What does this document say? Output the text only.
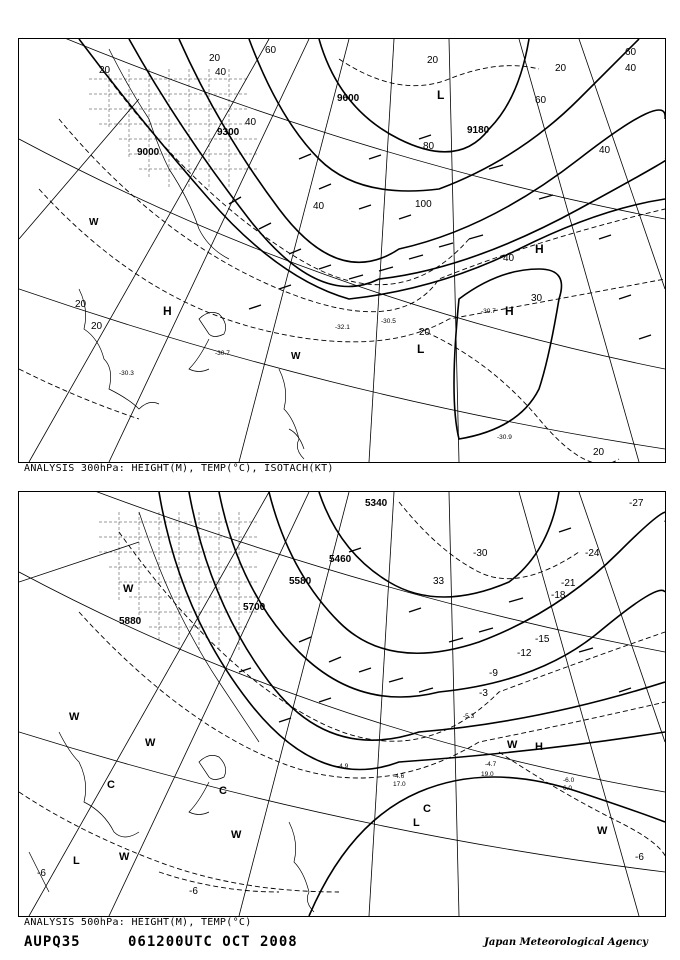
9600
9300
9000
9180
20
40
20
60
40
40
20
80
60
40
60
40
100
20
40
20
20
20
30
20
-30.7
-32.1
-30.5
-30.3
-30.7
-30.9
L
H	H
H
L
W
W
ANALYSIS 300hPa: HEIGHT(M), TEMP(°C), ISOTACH(KT)
5340
5580
5700
5880
5460
-30
33
-27
-24
-21
-18
-15
-12
-9
-6
-3
-6
-6
-4.7
19.0
-5.3
-4.6
17.0
-6.0
6.0
-4.9
W
W
W
C	C
L	W
W
H
W
L
C
W
ANALYSIS 500hPa: HEIGHT(M), TEMP(°C)
AUPQ35	061200UTC OCT 2008	Japan Meteorological Agency
